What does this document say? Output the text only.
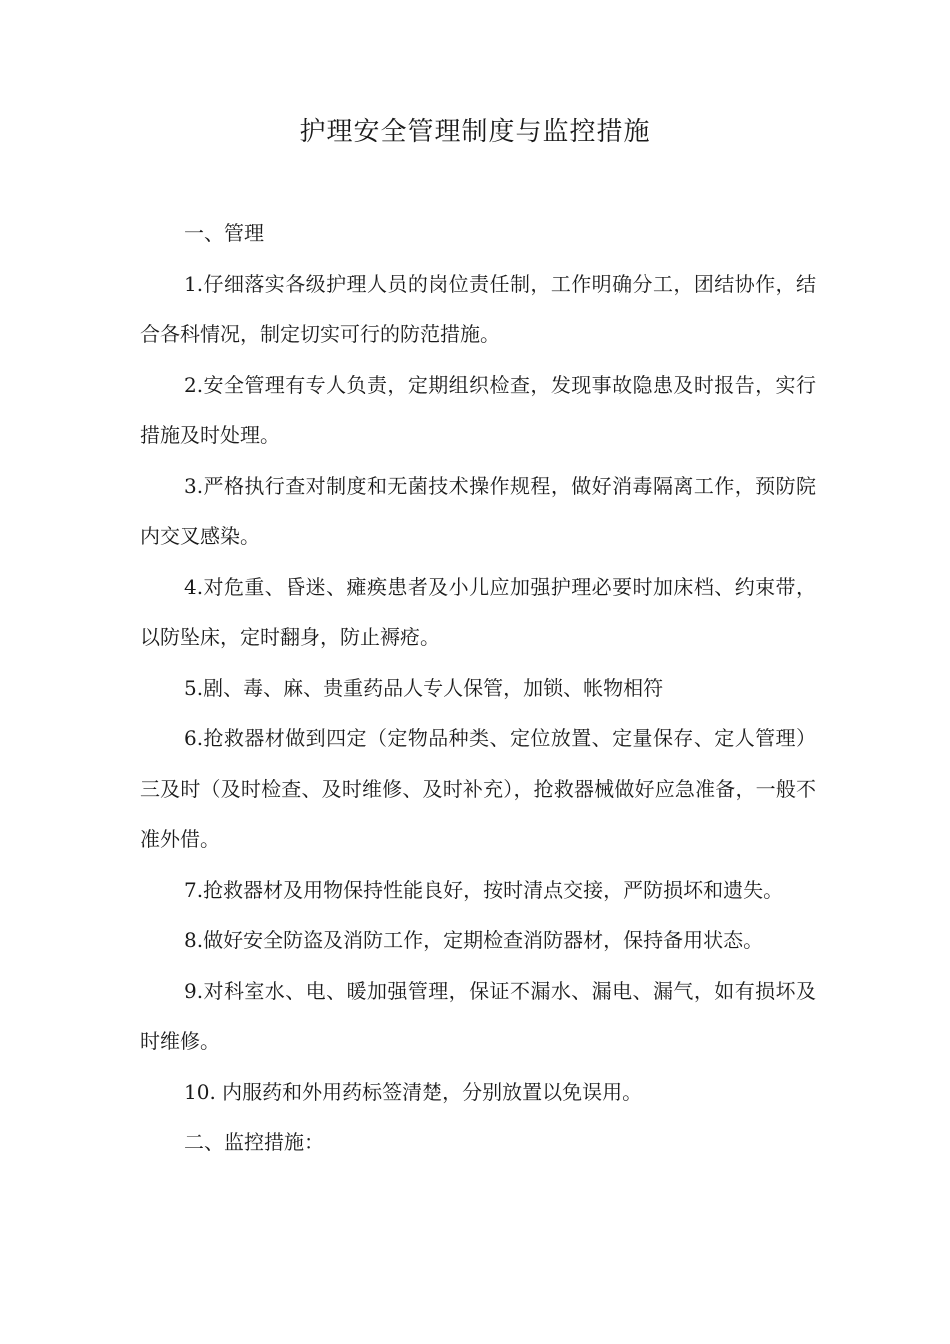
护理安全管理制度与监控措施

一、管理

1.仔细落实各级护理人员的岗位责任制，工作明确分工，团结协作，结合各科情况，制定切实可行的防范措施。

2.安全管理有专人负责，定期组织检查，发现事故隐患及时报告，实行措施及时处理。

3.严格执行查对制度和无菌技术操作规程，做好消毒隔离工作，预防院内交叉感染。

4.对危重、昏迷、瘫痪患者及小儿应加强护理必要时加床档、约束带，以防坠床，定时翻身，防止褥疮。

5.剧、毒、麻、贵重药品人专人保管，加锁、帐物相符

6.抢救器材做到四定（定物品种类、定位放置、定量保存、定人管理）三及时（及时检查、及时维修、及时补充），抢救器械做好应急准备，一般不准外借。

7.抢救器材及用物保持性能良好，按时清点交接，严防损坏和遗失。

8.做好安全防盗及消防工作，定期检查消防器材，保持备用状态。

9.对科室水、电、暖加强管理，保证不漏水、漏电、漏气，如有损坏及时维修。

10. 内服药和外用药标签清楚，分别放置以免误用。

二、监控措施：
